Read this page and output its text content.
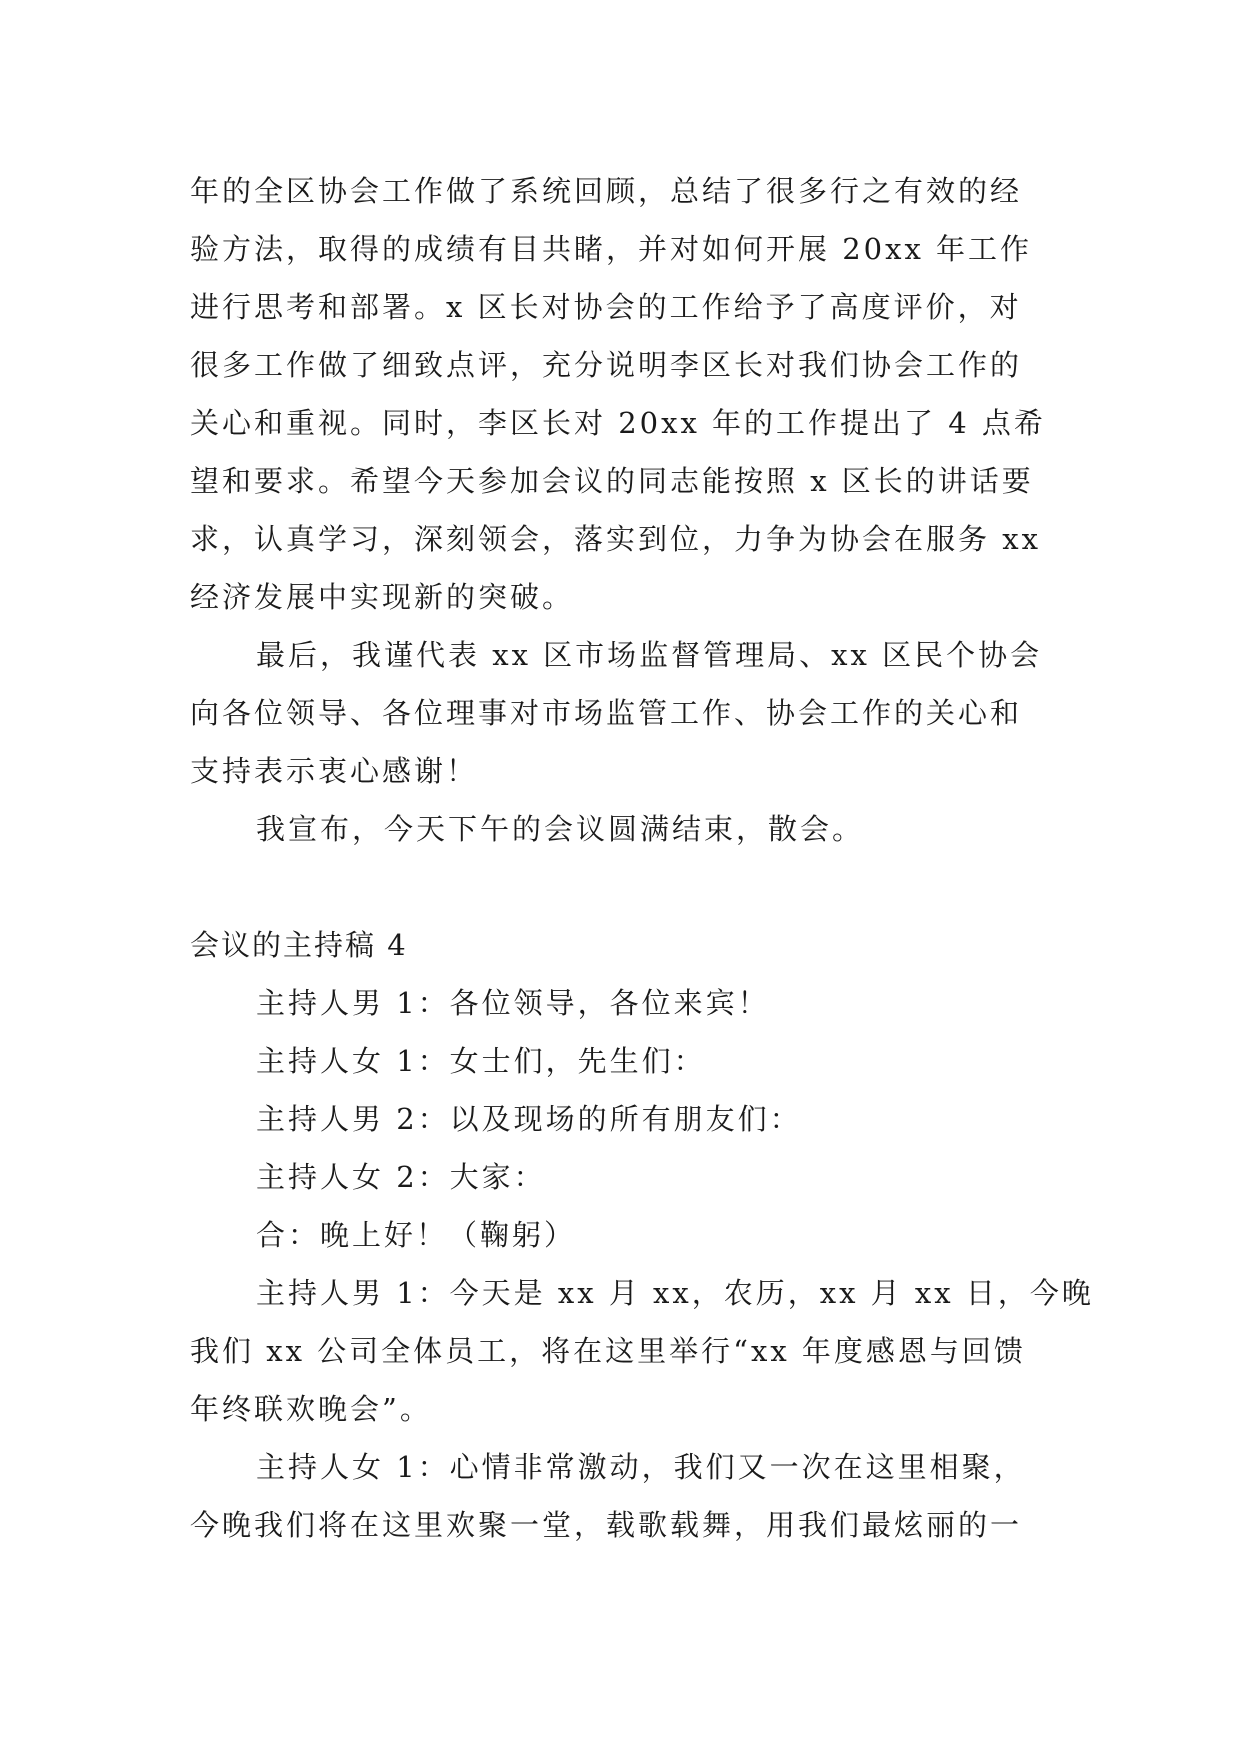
年的全区协会工作做了系统回顾，总结了很多行之有效的经
验方法，取得的成绩有目共睹，并对如何开展 20xx 年工作
进行思考和部署。x 区长对协会的工作给予了高度评价，对
很多工作做了细致点评，充分说明李区长对我们协会工作的
关心和重视。同时，李区长对 20xx 年的工作提出了 4 点希
望和要求。希望今天参加会议的同志能按照 x 区长的讲话要
求，认真学习，深刻领会，落实到位，力争为协会在服务 xx
经济发展中实现新的突破。
最后，我谨代表 xx 区市场监督管理局、xx 区民个协会
向各位领导、各位理事对市场监管工作、协会工作的关心和
支持表示衷心感谢！
我宣布，今天下午的会议圆满结束，散会。
会议的主持稿 4
主持人男 1：各位领导，各位来宾！
主持人女 1：女士们，先生们：
主持人男 2：以及现场的所有朋友们：
主持人女 2：大家：
合：晚上好！（鞠躬）
主持人男 1：今天是 xx 月 xx，农历，xx 月 xx 日，今晚
我们 xx 公司全体员工，将在这里举行“xx 年度感恩与回馈
年终联欢晚会”。
主持人女 1：心情非常激动，我们又一次在这里相聚，
今晚我们将在这里欢聚一堂，载歌载舞，用我们最炫丽的一
